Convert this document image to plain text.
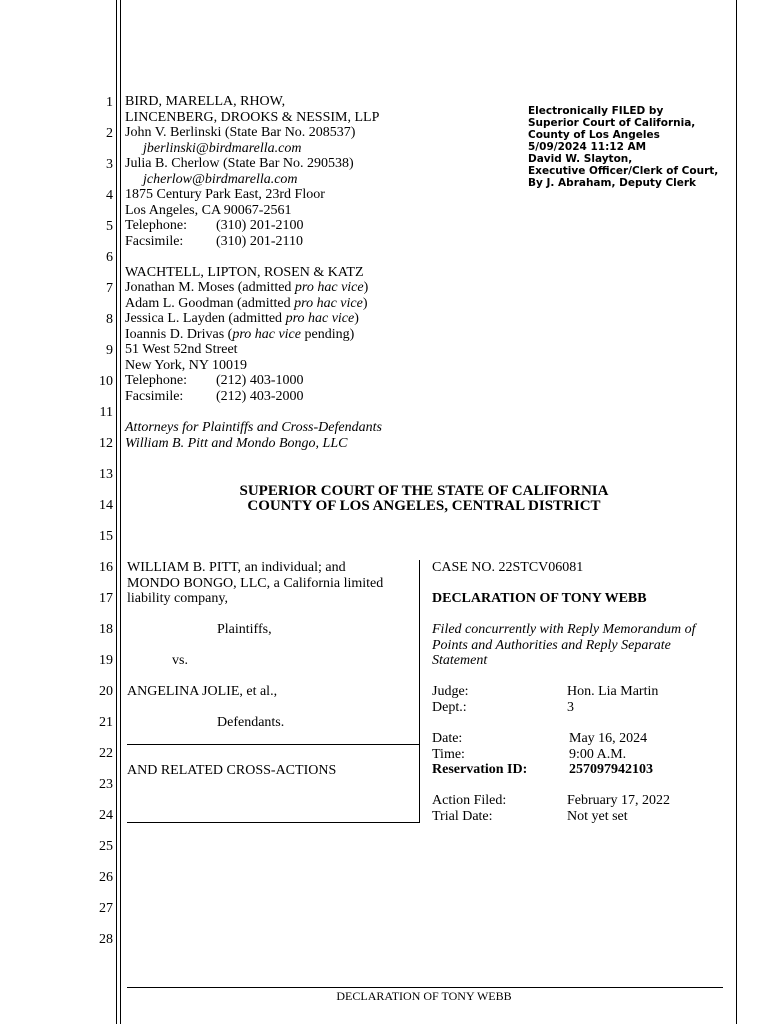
1
2
3
4
5
6
7
8
9
10
11
12
13
14
15
16
17
18
19
20
21
22
23
24
25
26
27
28
Electronically FILED by
Superior Court of California,
County of Los Angeles
5/09/2024 11:12 AM
David W. Slayton,
Executive Officer/Clerk of Court,
By J. Abraham, Deputy Clerk
BIRD, MARELLA, RHOW,
LINCENBERG, DROOKS & NESSIM, LLP
John V. Berlinski (State Bar No. 208537)
jberlinski@birdmarella.com
Julia B. Cherlow (State Bar No. 290538)
jcherlow@birdmarella.com
1875 Century Park East, 23rd Floor
Los Angeles, CA 90067-2561
Telephone: (310) 201-2100
Facsimile: (310) 201-2110
WACHTELL, LIPTON, ROSEN & KATZ
Jonathan M. Moses (admitted pro hac vice)
Adam L. Goodman (admitted pro hac vice)
Jessica L. Layden (admitted pro hac vice)
Ioannis D. Drivas (pro hac vice pending)
51 West 52nd Street
New York, NY 10019
Telephone: (212) 403-1000
Facsimile: (212) 403-2000
Attorneys for Plaintiffs and Cross-Defendants
William B. Pitt and Mondo Bongo, LLC
SUPERIOR COURT OF THE STATE OF CALIFORNIA
COUNTY OF LOS ANGELES, CENTRAL DISTRICT
WILLIAM B. PITT, an individual; and
MONDO BONGO, LLC, a California limited
liability company,
Plaintiffs,
vs.
ANGELINA JOLIE, et al.,
Defendants.
AND RELATED CROSS-ACTIONS
CASE NO. 22STCV06081
DECLARATION OF TONY WEBB
Filed concurrently with Reply Memorandum of
Points and Authorities and Reply Separate
Statement
Judge:	Hon. Lia Martin
Dept.:	3
Date:	May 16, 2024
Time:	9:00 A.M.
Reservation ID:	257097942103
Action Filed:	February 17, 2022
Trial Date:	Not yet set
DECLARATION OF TONY WEBB
